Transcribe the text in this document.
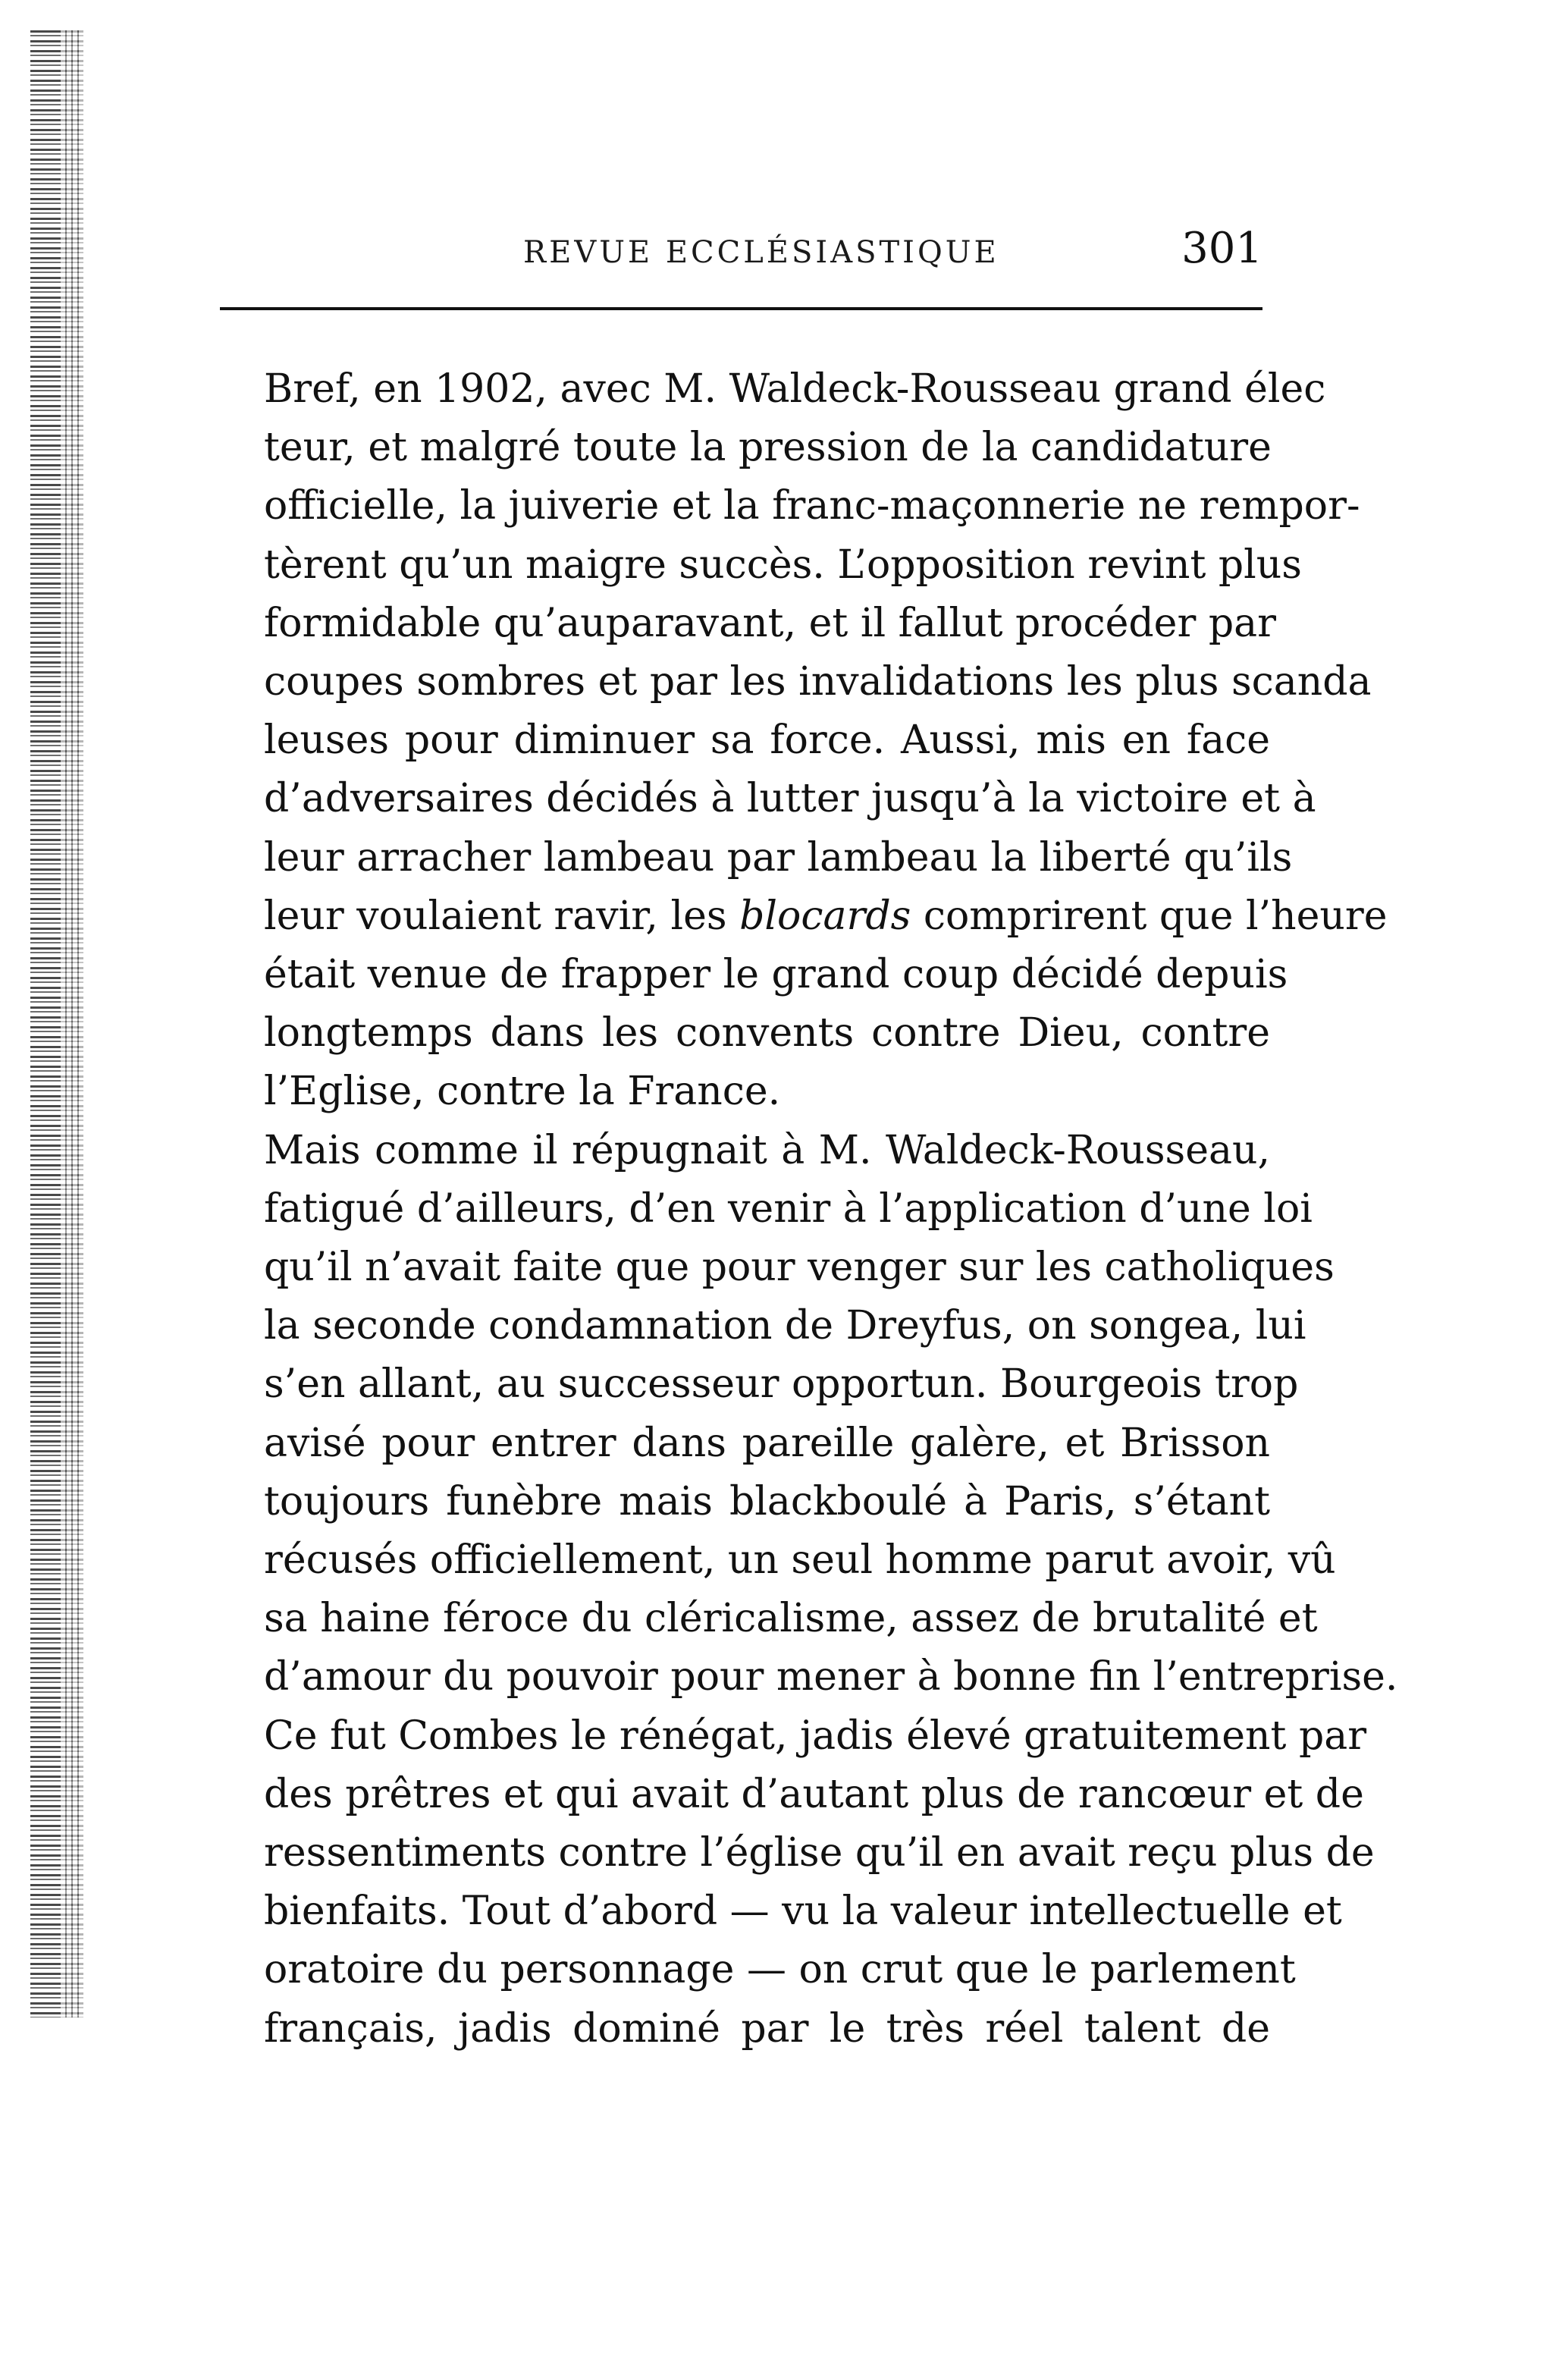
REVUE ECCLÉSIASTIQUE	301

Bref, en 1902, avec M. Waldeck-Rousseau grand élec
teur, et malgré toute la pression de la candidature
officielle, la juiverie et la franc-maçonnerie ne rempor-
tèrent qu’un maigre succès. L’opposition revint plus
formidable qu’auparavant, et il fallut procéder par
coupes sombres et par les invalidations les plus scanda
leuses pour diminuer sa force. Aussi, mis en face
d’adversaires décidés à lutter jusqu’à la victoire et à
leur arracher lambeau par lambeau la liberté qu’ils
leur voulaient ravir, les blocards comprirent que l’heure
était venue de frapper le grand coup décidé depuis
longtemps dans les convents contre Dieu, contre
l’Eglise, contre la France.

Mais comme il répugnait à M. Waldeck-Rousseau,
fatigué d’ailleurs, d’en venir à l’application d’une loi
qu’il n’avait faite que pour venger sur les catholiques
la seconde condamnation de Dreyfus, on songea, lui
s’en allant, au successeur opportun. Bourgeois trop
avisé pour entrer dans pareille galère, et Brisson
toujours funèbre mais blackboulé à Paris, s’étant
récusés officiellement, un seul homme parut avoir, vû
sa haine féroce du cléricalisme, assez de brutalité et
d’amour du pouvoir pour mener à bonne fin l’entreprise.
Ce fut Combes le rénégat, jadis élevé gratuitement par
des prêtres et qui avait d’autant plus de rancœur et de
ressentiments contre l’église qu’il en avait reçu plus de
bienfaits. Tout d’abord — vu la valeur intellectuelle et
oratoire du personnage — on crut que le parlement
français, jadis dominé par le très réel talent de
